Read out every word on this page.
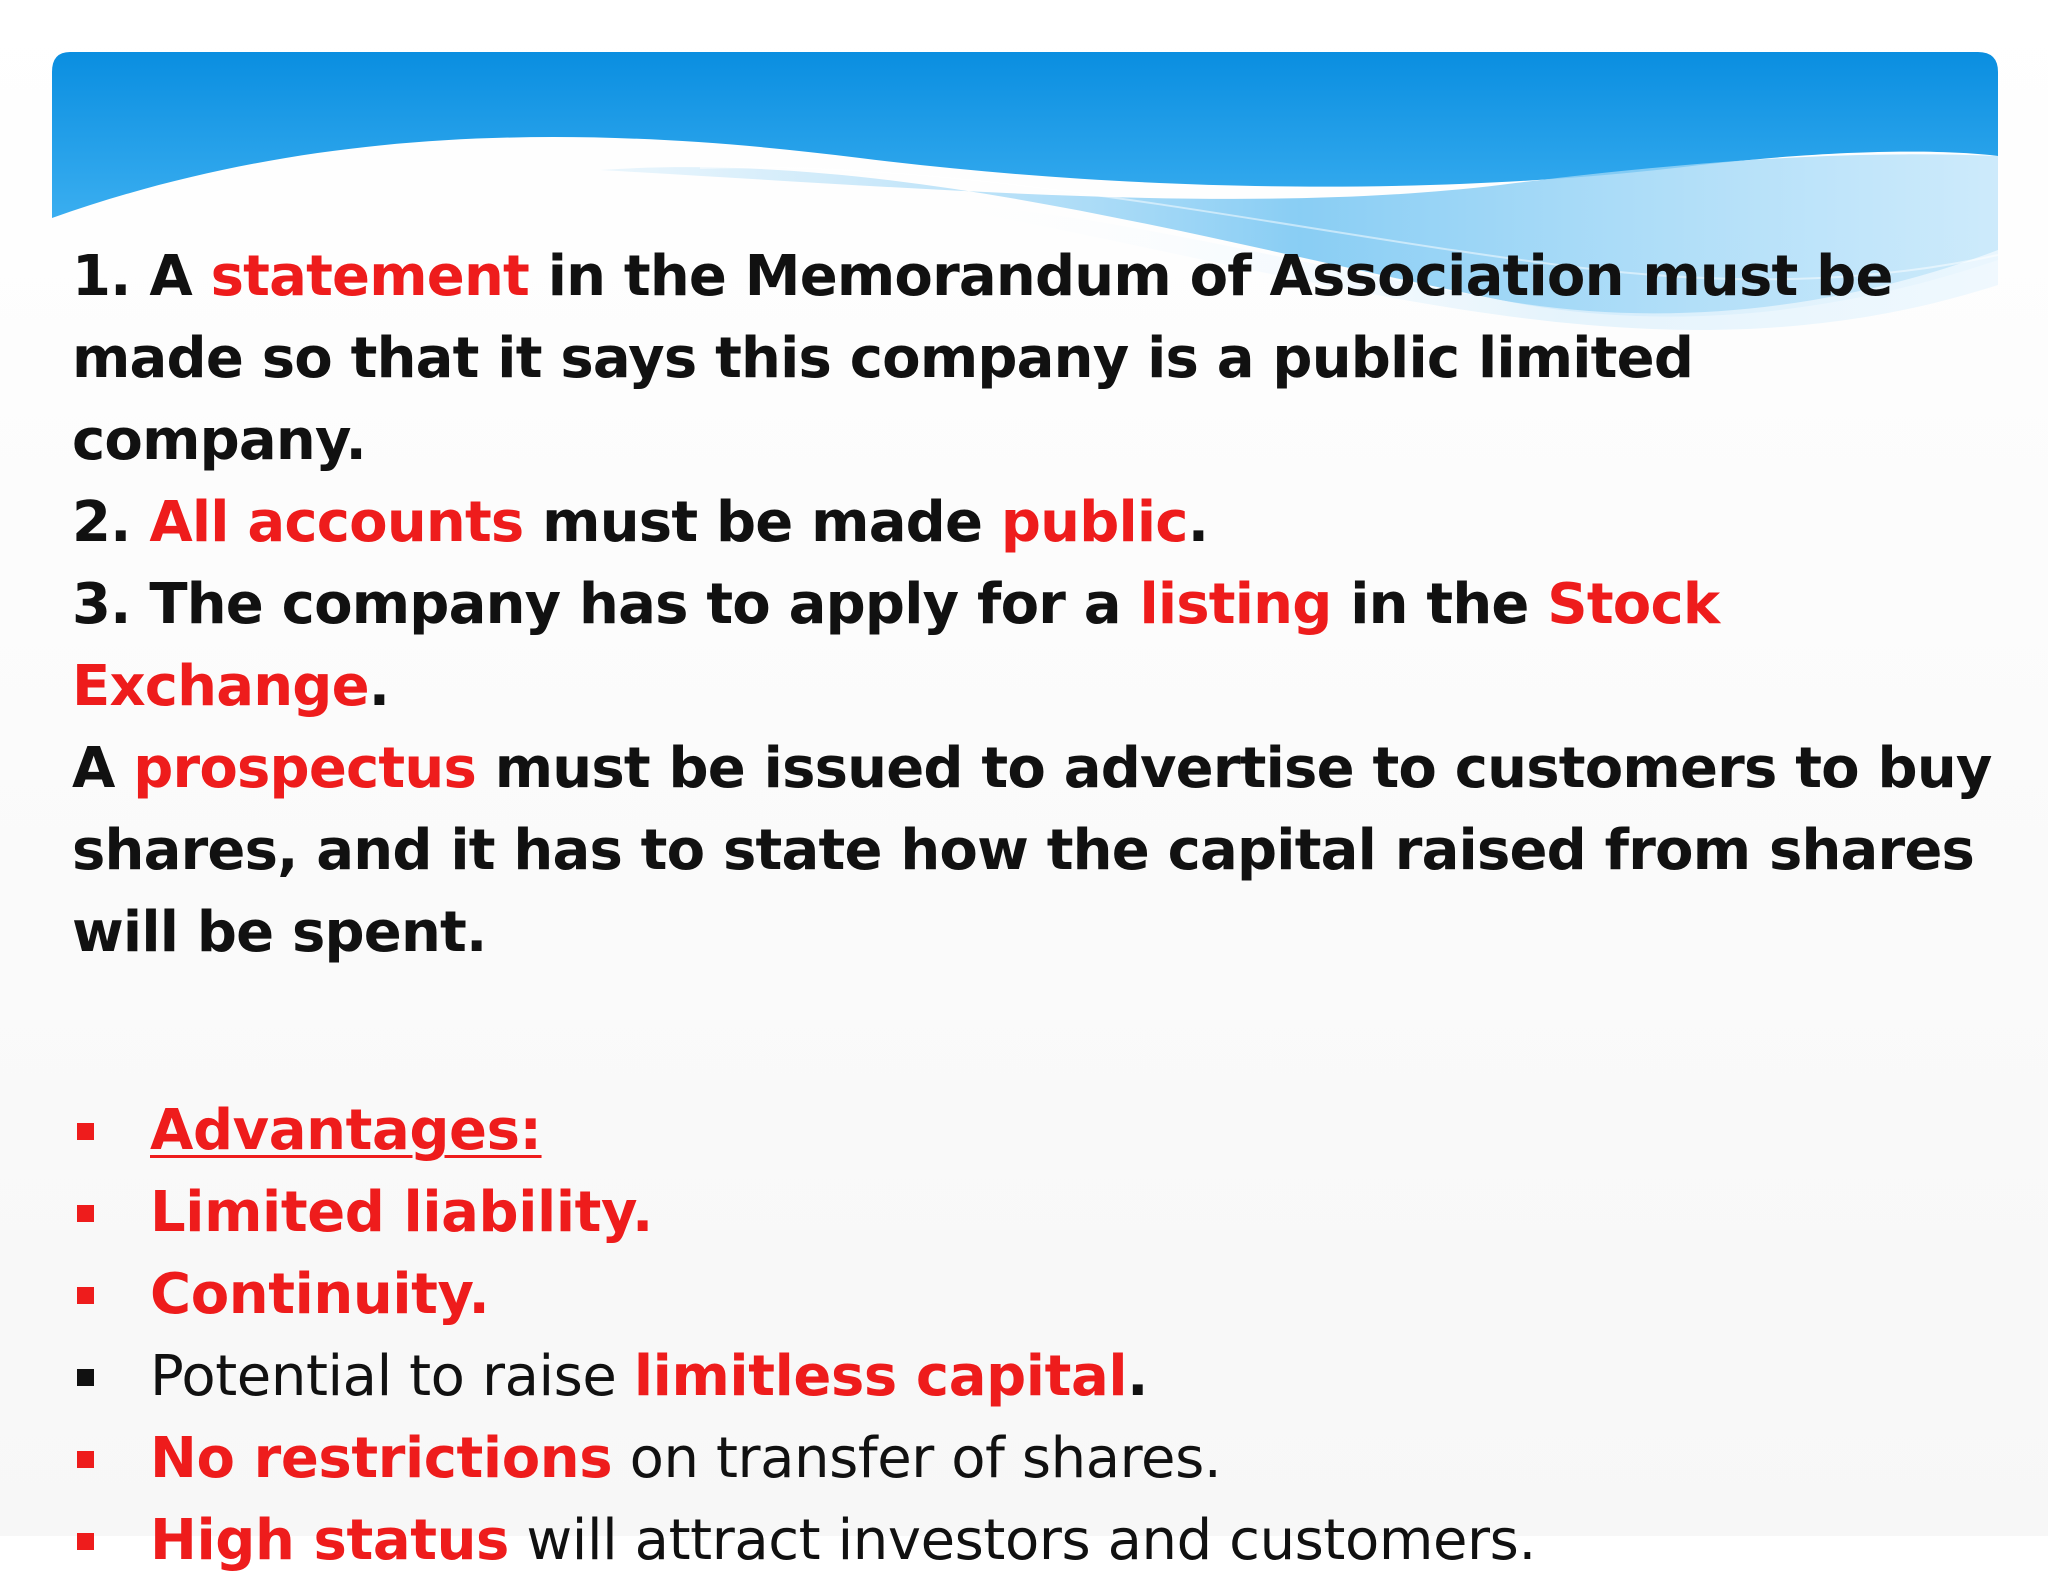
1. A statement in the Memorandum of Association must be made so that it says this company is a public limited company.
2. All accounts must be made public.
3. The company has to apply for a listing in the Stock Exchange.
A prospectus must be issued to advertise to customers to buy shares, and it has to state how the capital raised from shares will be spent.

Advantages:
Limited liability.
Continuity.
Potential to raise limitless capital.
No restrictions on transfer of shares.
High status will attract investors and customers.
